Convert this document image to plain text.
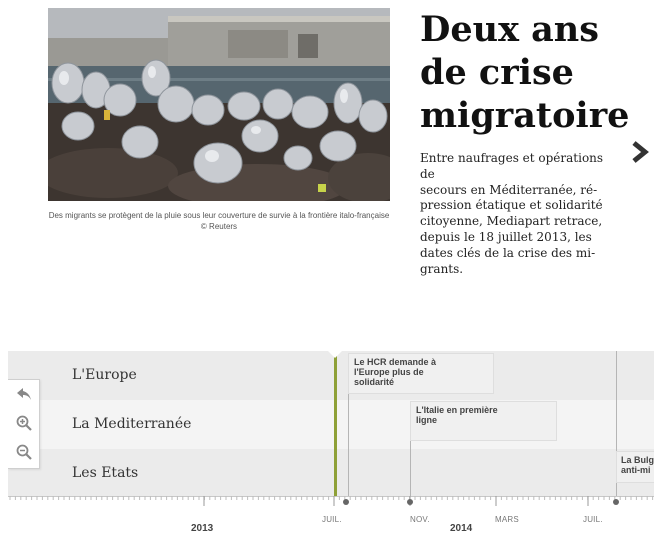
Des migrants se protègent de la pluie sous leur couverture de survie à la frontière italo-française © Reuters
Deux ans
de crise
migratoire
Entre naufrages et opérations de
secours en Méditerranée, ré-
pression étatique et solidarité
citoyenne, Mediapart retrace,
depuis le 18 juillet 2013, les
dates clés de la crise des mi-
grants.
L'Europe
La Mediterranée
Les Etats
Le HCR demande à
l'Europe plus de
solidarité
L'Italie en première
ligne
La Bulg
anti-mi
JUIL.	NOV.	MARS	JUIL.
2013	2014
